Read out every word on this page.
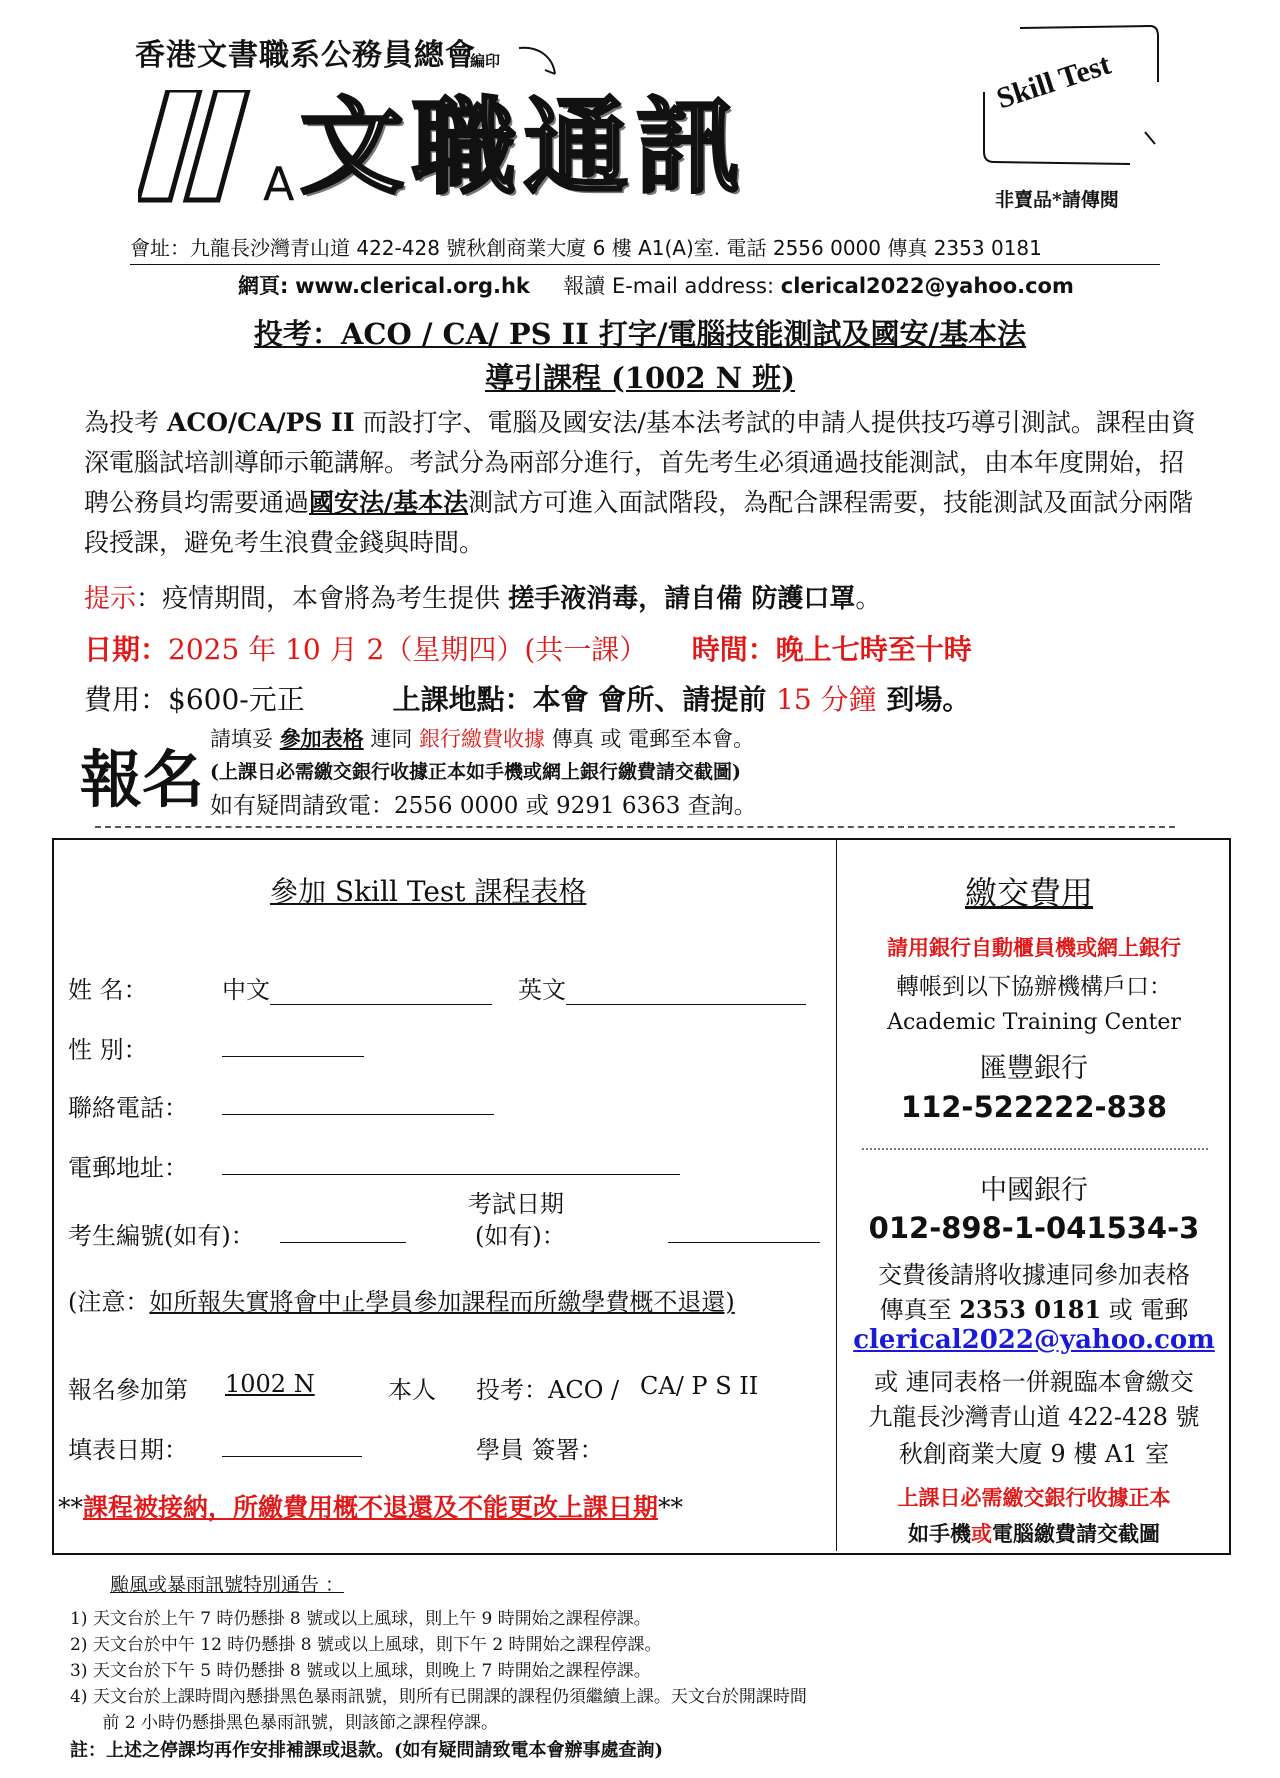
香港文書職系公務員總會
編印
A 文職通訊
Skill Test
非賣品*請傳閱
會址：九龍長沙灣青山道 422-428 號秋創商業大廈 6 樓 A1(A)室. 電話 2556 0000 傳真 2353 0181
網頁: www.clerical.org.hk 報讀 E-mail address: clerical2022@yahoo.com
投考：ACO / CA/ PS II 打字/電腦技能測試及國安/基本法
導引課程 (1002 N 班)
為投考 ACO/CA/PS II 而設打字、電腦及國安法/基本法考試的申請人提供技巧導引測試。課程由資深電腦試培訓導師示範講解。考試分為兩部分進行，首先考生必須通過技能測試，由本年度開始，招聘公務員均需要通過國安法/基本法測試方可進入面試階段，為配合課程需要，技能測試及面試分兩階段授課，避免考生浪費金錢與時間。
提示：疫情期間，本會將為考生提供 搓手液消毒，請自備 防護口罩。
日期：2025 年 10 月 2（星期四）(共一課） 時間：晚上七時至十時
費用：$600-元正	上課地點：本會 會所、請提前 15 分鐘 到場。
報名
請填妥 參加表格 連同 銀行繳費收據 傳真 或 電郵至本會。
(上課日必需繳交銀行收據正本如手機或網上銀行繳費請交截圖)
如有疑問請致電：2556 0000 或 9291 6363 查詢。
參加 Skill Test 課程表格
姓 名：	中文	英文
性 別：
聯絡電話：
電郵地址：
考生編號(如有)：
考試日期
(如有)：
(注意：如所報失實將會中止學員參加課程而所繳學費概不退還)
報名參加第 1002 N	本人 投考：ACO / CA/ P S II
填表日期：	學員 簽署：
**課程被接納，所繳費用概不退還及不能更改上課日期**
繳交費用
請用銀行自動櫃員機或網上銀行
轉帳到以下協辦機構戶口：
Academic Training Center
匯豐銀行
112-522222-838
中國銀行
012-898-1-041534-3
交費後請將收據連同參加表格
傳真至 2353 0181 或 電郵
clerical2022@yahoo.com
或 連同表格一併親臨本會繳交
九龍長沙灣青山道 422-428 號
秋創商業大廈 9 樓 A1 室
上課日必需繳交銀行收據正本
如手機或電腦繳費請交截圖
颱風或暴雨訊號特別通告 ：
1) 天文台於上午 7 時仍懸掛 8 號或以上風球，則上午 9 時開始之課程停課。
2) 天文台於中午 12 時仍懸掛 8 號或以上風球，則下午 2 時開始之課程停課。
3) 天文台於下午 5 時仍懸掛 8 號或以上風球，則晚上 7 時開始之課程停課。
4) 天文台於上課時間內懸掛黑色暴雨訊號，則所有已開課的課程仍須繼續上課。天文台於開課時間
前 2 小時仍懸掛黑色暴雨訊號，則該節之課程停課。
註：上述之停課均再作安排補課或退款。(如有疑問請致電本會辦事處查詢)
